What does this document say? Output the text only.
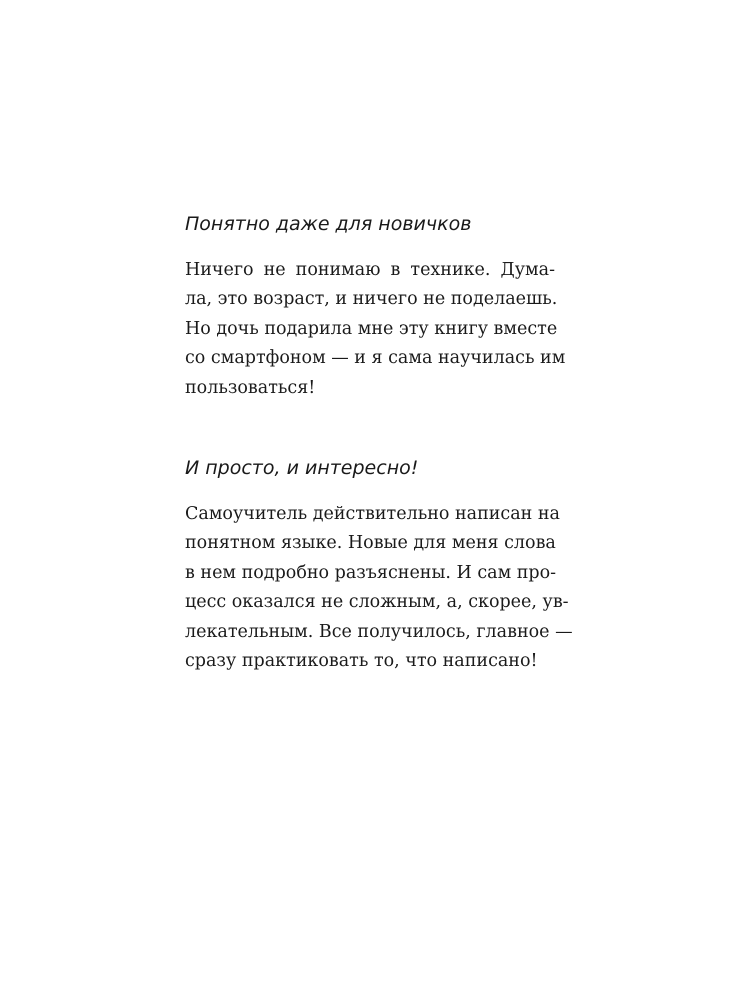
Понятно даже для новичков
Ничего не понимаю в технике. Дума-
ла, это возраст, и ничего не поделаешь.
Но дочь подарила мне эту книгу вместе
со смартфоном — и я сама научилась им
пользоваться!
И просто, и интересно!
Самоучитель действительно написан на
понятном языке. Новые для меня слова
в нем подробно разъяснены. И сам про-
цесс оказался не сложным, а, скорее, ув-
лекательным. Все получилось, главное —
сразу практиковать то, что написано!
